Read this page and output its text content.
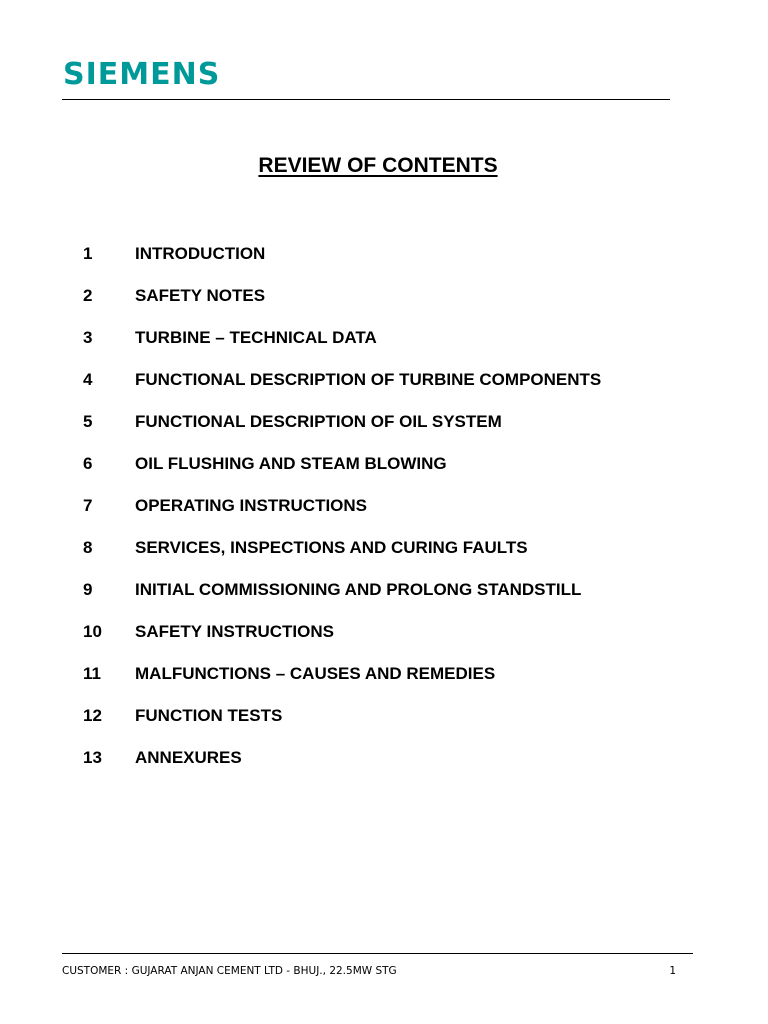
SIEMENS
REVIEW OF CONTENTS
1	INTRODUCTION
2	SAFETY NOTES
3	TURBINE – TECHNICAL DATA
4	FUNCTIONAL DESCRIPTION OF TURBINE COMPONENTS
5	FUNCTIONAL DESCRIPTION OF OIL SYSTEM
6	OIL FLUSHING AND STEAM BLOWING
7	OPERATING INSTRUCTIONS
8	SERVICES, INSPECTIONS AND CURING FAULTS
9	INITIAL COMMISSIONING AND PROLONG STANDSTILL
10	SAFETY INSTRUCTIONS
11	MALFUNCTIONS – CAUSES AND REMEDIES
12	FUNCTION TESTS
13	ANNEXURES
CUSTOMER : GUJARAT ANJAN CEMENT LTD - BHUJ., 22.5MW STG	1
